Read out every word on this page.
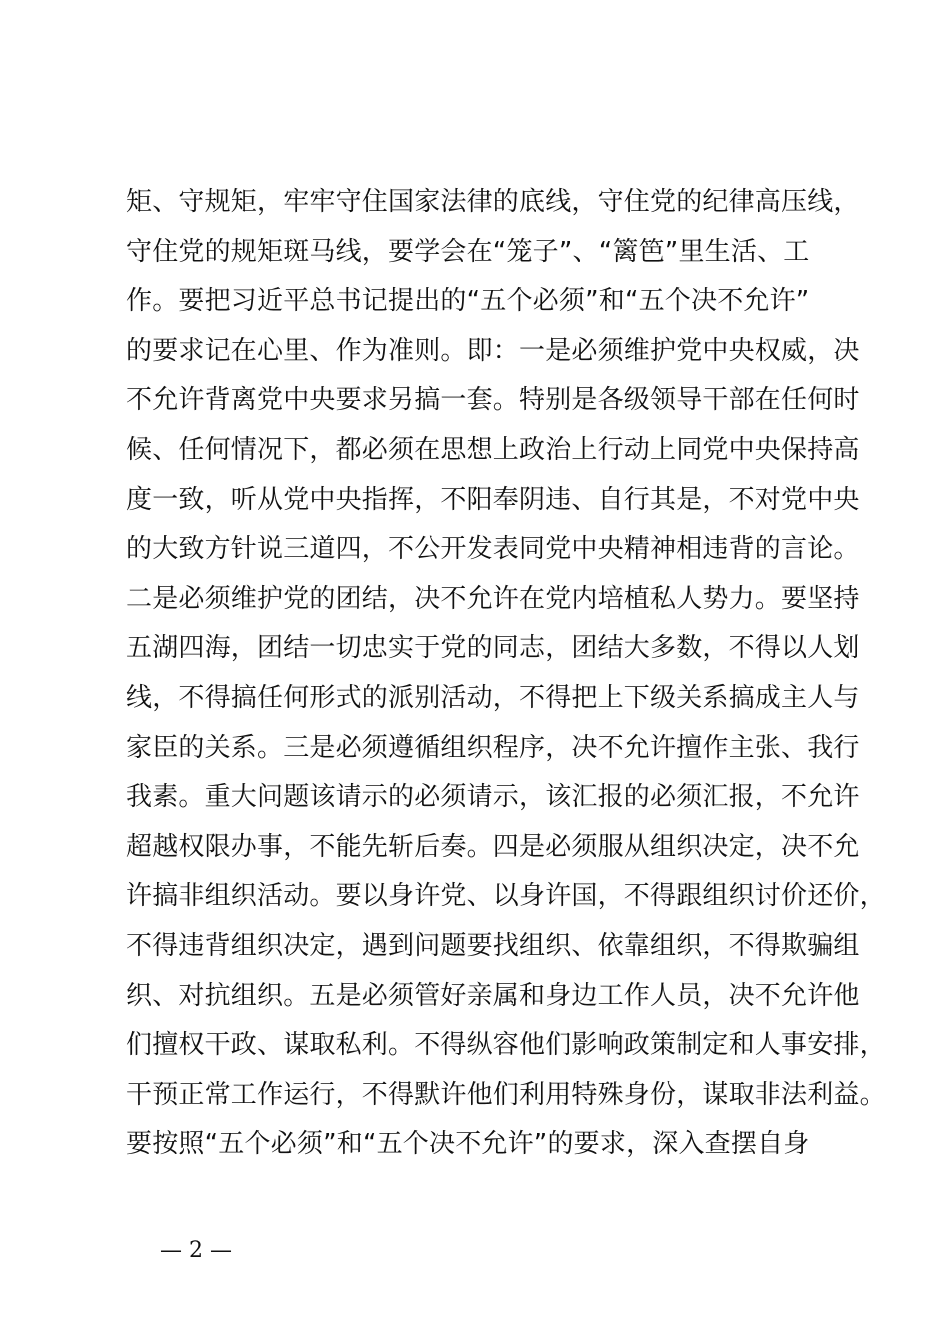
矩、守规矩，牢牢守住国家法律的底线，守住党的纪律高压线，
守住党的规矩斑马线，要学会在“笼子”、“篱笆”里生活、工
作。要把习近平总书记提出的“五个必须”和“五个决不允许”
的要求记在心里、作为准则。即：一是必须维护党中央权威，决
不允许背离党中央要求另搞一套。特别是各级领导干部在任何时
候、任何情况下，都必须在思想上政治上行动上同党中央保持高
度一致，听从党中央指挥，不阳奉阴违、自行其是，不对党中央
的大致方针说三道四，不公开发表同党中央精神相违背的言论。
二是必须维护党的团结，决不允许在党内培植私人势力。要坚持
五湖四海，团结一切忠实于党的同志，团结大多数，不得以人划
线，不得搞任何形式的派别活动，不得把上下级关系搞成主人与
家臣的关系。三是必须遵循组织程序，决不允许擅作主张、我行
我素。重大问题该请示的必须请示，该汇报的必须汇报，不允许
超越权限办事，不能先斩后奏。四是必须服从组织决定，决不允
许搞非组织活动。要以身许党、以身许国，不得跟组织讨价还价，
不得违背组织决定，遇到问题要找组织、依靠组织，不得欺骗组
织、对抗组织。五是必须管好亲属和身边工作人员，决不允许他
们擅权干政、谋取私利。不得纵容他们影响政策制定和人事安排，
干预正常工作运行，不得默许他们利用特殊身份，谋取非法利益。
要按照“五个必须”和“五个决不允许”的要求，深入查摆自身
— 2 —
